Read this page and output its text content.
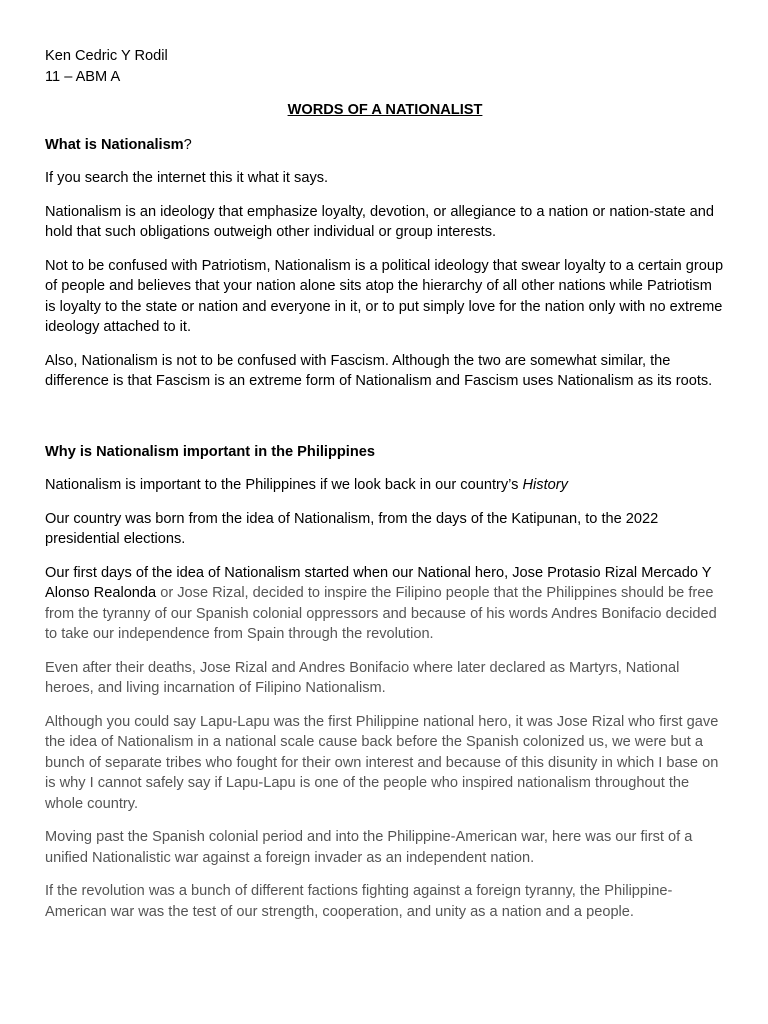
Ken Cedric Y Rodil
11 – ABM A
WORDS OF A NATIONALIST
What is Nationalism?

If you search the internet this it what it says.

Nationalism is an ideology that emphasize loyalty, devotion, or allegiance to a nation or nation-state and hold that such obligations outweigh other individual or group interests.

Not to be confused with Patriotism, Nationalism is a political ideology that swear loyalty to a certain group of people and believes that your nation alone sits atop the hierarchy of all other nations while Patriotism is loyalty to the state or nation and everyone in it, or to put simply love for the nation only with no extreme ideology attached to it.

Also, Nationalism is not to be confused with Fascism. Although the two are somewhat similar, the difference is that Fascism is an extreme form of Nationalism and Fascism uses Nationalism as its roots.

Why is Nationalism important in the Philippines

Nationalism is important to the Philippines if we look back in our country’s History

Our country was born from the idea of Nationalism, from the days of the Katipunan, to the 2022 presidential elections.

Our first days of the idea of Nationalism started when our National hero, Jose Protasio Rizal Mercado Y Alonso Realonda or Jose Rizal, decided to inspire the Filipino people that the Philippines should be free from the tyranny of our Spanish colonial oppressors and because of his words Andres Bonifacio decided to take our independence from Spain through the revolution.

Even after their deaths, Jose Rizal and Andres Bonifacio where later declared as Martyrs, National heroes, and living incarnation of Filipino Nationalism.

Although you could say Lapu-Lapu was the first Philippine national hero, it was Jose Rizal who first gave the idea of Nationalism in a national scale cause back before the Spanish colonized us, we were but a bunch of separate tribes who fought for their own interest and because of this disunity in which I base on is why I cannot safely say if Lapu-Lapu is one of the people who inspired nationalism throughout the whole country.

Moving past the Spanish colonial period and into the Philippine-American war, here was our first of a unified Nationalistic war against a foreign invader as an independent nation.

If the revolution was a bunch of different factions fighting against a foreign tyranny, the Philippine-American war was the test of our strength, cooperation, and unity as a nation and a people.
